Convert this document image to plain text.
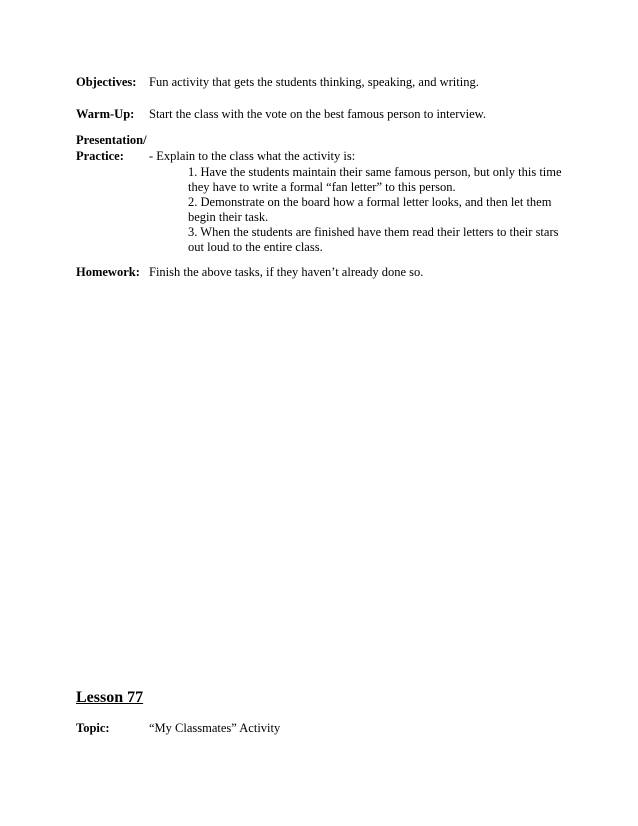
Objectives: Fun activity that gets the students thinking, speaking, and writing.
Warm-Up: Start the class with the vote on the best famous person to interview.
Presentation/
Practice: - Explain to the class what the activity is:
1. Have the students maintain their same famous person, but only this time
they have to write a formal “fan letter” to this person.
2. Demonstrate on the board how a formal letter looks, and then let them
begin their task.
3. When the students are finished have them read their letters to their stars
out loud to the entire class.
Homework: Finish the above tasks, if they haven’t already done so.
Lesson 77
Topic:	“My Classmates” Activity
